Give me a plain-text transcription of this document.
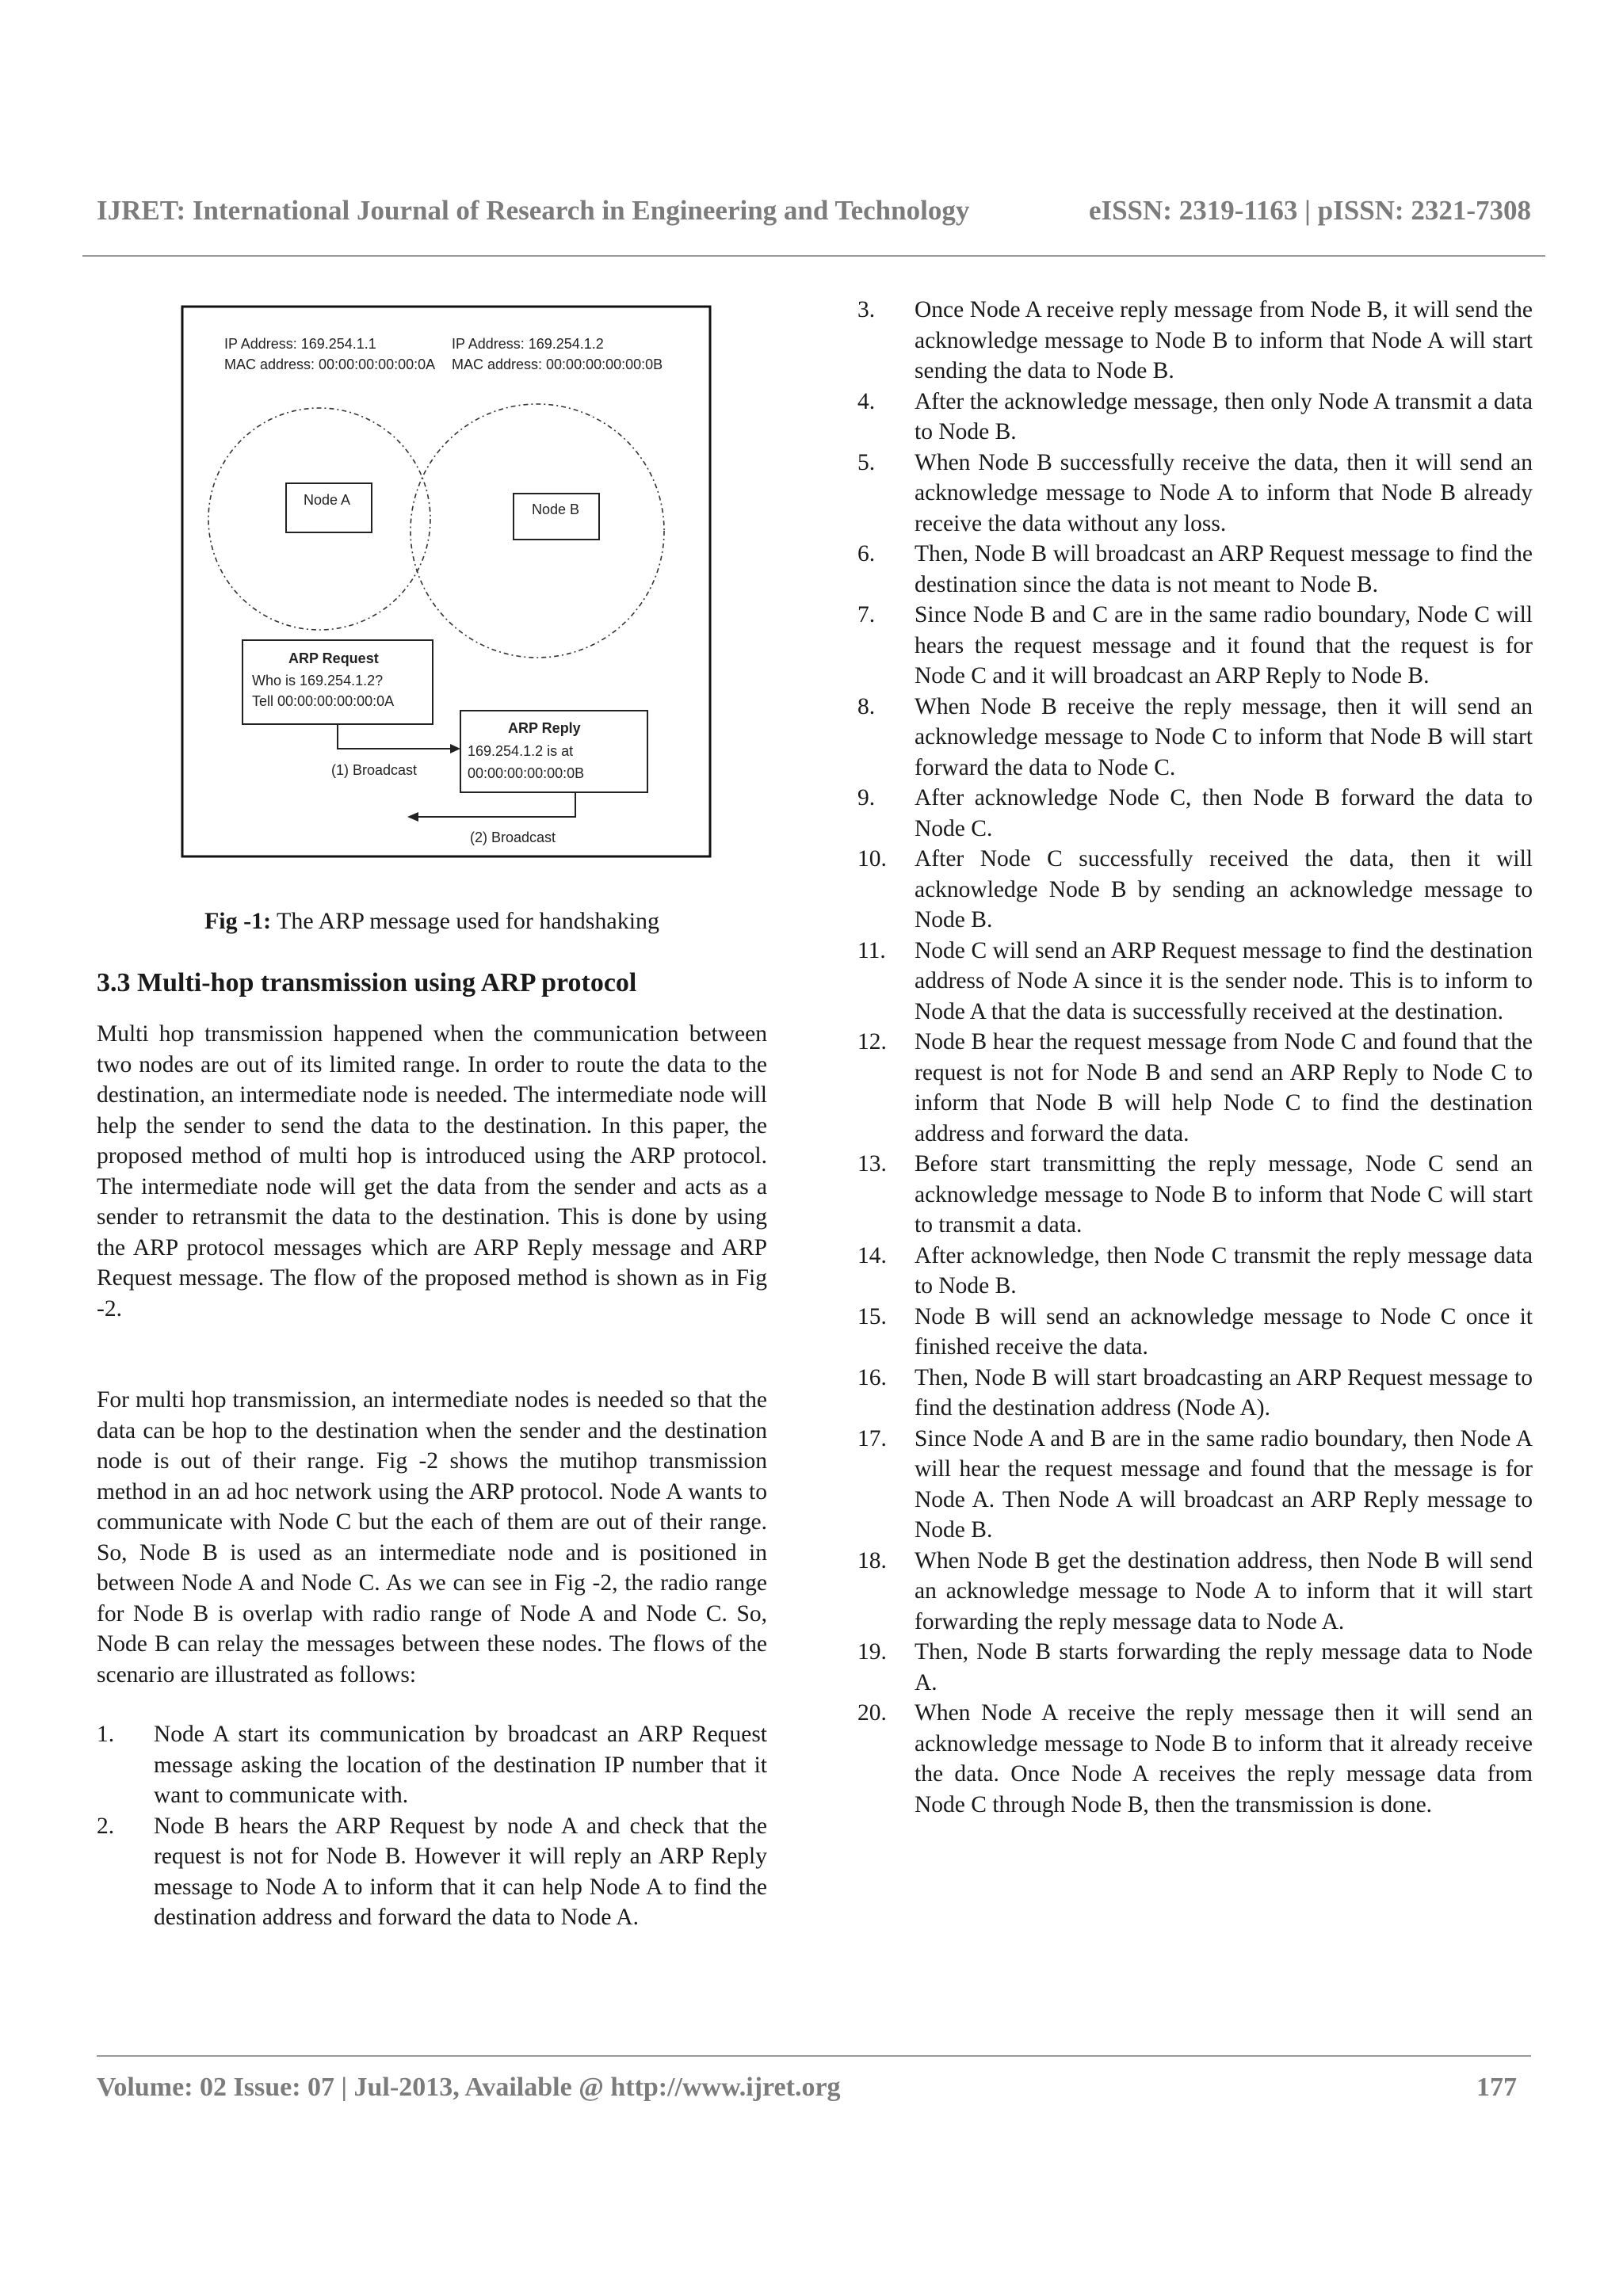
IJRET: International Journal of Research in Engineering and Technology	eISSN: 2319-1163 | pISSN: 2321-7308
IP Address: 169.254.1.1
MAC address: 00:00:00:00:00:0A
IP Address: 169.254.1.2
MAC address: 00:00:00:00:00:0B
Node A
Node B
ARP Request
Who is 169.254.1.2?
Tell 00:00:00:00:00:0A
ARP Reply
169.254.1.2 is at
00:00:00:00:00:0B
(1) Broadcast
(2) Broadcast
Fig -1: The ARP message used for handshaking
3.3 Multi-hop transmission using ARP protocol

Multi hop transmission happened when the communication between two nodes are out of its limited range. In order to route the data to the destination, an intermediate node is needed. The intermediate node will help the sender to send the data to the destination. In this paper, the proposed method of multi hop is introduced using the ARP protocol. The intermediate node will get the data from the sender and acts as a sender to retransmit the data to the destination. This is done by using the ARP protocol messages which are ARP Reply message and ARP Request message. The flow of the proposed method is shown as in Fig -2.

For multi hop transmission, an intermediate nodes is needed so that the data can be hop to the destination when the sender and the destination node is out of their range. Fig -2 shows the mutihop transmission method in an ad hoc network using the ARP protocol. Node A wants to communicate with Node C but the each of them are out of their range. So, Node B is used as an intermediate node and is positioned in between Node A and Node C. As we can see in Fig -2, the radio range for Node B is overlap with radio range of Node A and Node C. So, Node B can relay the messages between these nodes. The flows of the scenario are illustrated as follows:

1. Node A start its communication by broadcast an ARP Request message asking the location of the destination IP number that it want to communicate with.
2. Node B hears the ARP Request by node A and check that the request is not for Node B. However it will reply an ARP Reply message to Node A to inform that it can help Node A to find the destination address and forward the data to Node A.
3. Once Node A receive reply message from Node B, it will send the acknowledge message to Node B to inform that Node A will start sending the data to Node B.
4. After the acknowledge message, then only Node A transmit a data to Node B.
5. When Node B successfully receive the data, then it will send an acknowledge message to Node A to inform that Node B already receive the data without any loss.
6. Then, Node B will broadcast an ARP Request message to find the destination since the data is not meant to Node B.
7. Since Node B and C are in the same radio boundary, Node C will hears the request message and it found that the request is for Node C and it will broadcast an ARP Reply to Node B.
8. When Node B receive the reply message, then it will send an acknowledge message to Node C to inform that Node B will start forward the data to Node C.
9. After acknowledge Node C, then Node B forward the data to Node C.
10. After Node C successfully received the data, then it will acknowledge Node B by sending an acknowledge message to Node B.
11. Node C will send an ARP Request message to find the destination address of Node A since it is the sender node. This is to inform to Node A that the data is successfully received at the destination.
12. Node B hear the request message from Node C and found that the request is not for Node B and send an ARP Reply to Node C to inform that Node B will help Node C to find the destination address and forward the data.
13. Before start transmitting the reply message, Node C send an acknowledge message to Node B to inform that Node C will start to transmit a data.
14. After acknowledge, then Node C transmit the reply message data to Node B.
15. Node B will send an acknowledge message to Node C once it finished receive the data.
16. Then, Node B will start broadcasting an ARP Request message to find the destination address (Node A).
17. Since Node A and B are in the same radio boundary, then Node A will hear the request message and found that the message is for Node A. Then Node A will broadcast an ARP Reply message to Node B.
18. When Node B get the destination address, then Node B will send an acknowledge message to Node A to inform that it will start forwarding the reply message data to Node A.
19. Then, Node B starts forwarding the reply message data to Node A.
20. When Node A receive the reply message then it will send an acknowledge message to Node B to inform that it already receive the data. Once Node A receives the reply message data from Node C through Node B, then the transmission is done.
Volume: 02 Issue: 07 | Jul-2013, Available @ http://www.ijret.org	177
